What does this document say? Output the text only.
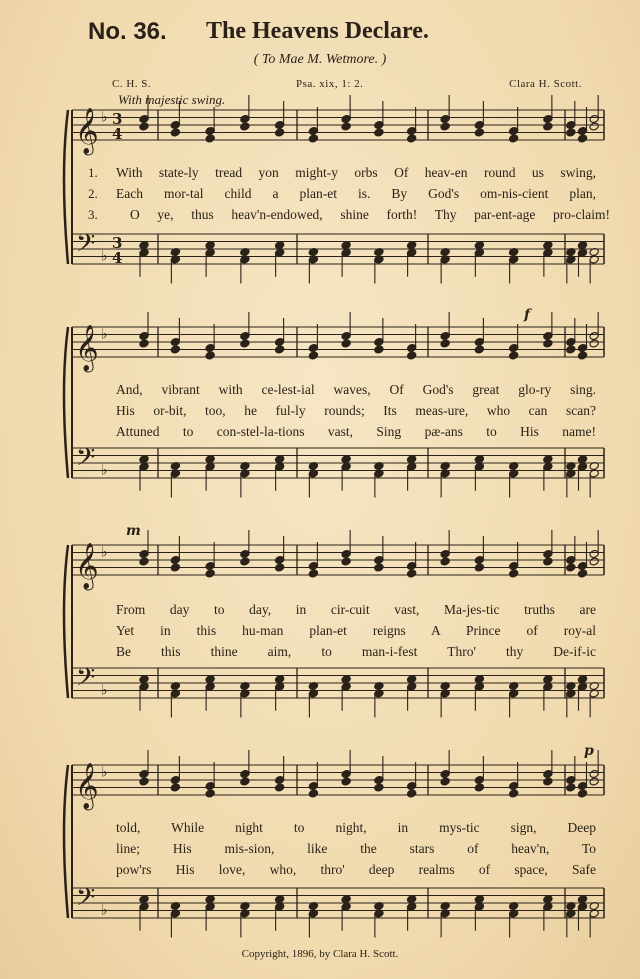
No. 36. The Heavens Declare.
( To Mae M. Wetmore. )
C. H. S.	Psa. xix, 1: 2.	Clara H. Scott.
With majestic swing.
𝄞
𝄢
♭
♭
3
4
3
4
1. With state-ly tread yon might-y orbs Of heav-en round us swing,
2. Each mor-tal child a plan-et is. By God's om-nis-cient plan,
3. O ye, thus heav'n-endowed, shine forth! Thy par-ent-age pro-claim!
𝄞
𝄢
♭
♭
f
And, vibrant with ce-lest-ial waves, Of God's great glo-ry sing.
His or-bit, too, he ful-ly rounds; Its meas-ure, who can scan?
Attuned to con-stel-la-tions vast, Sing pæ-ans to His name!
𝄞
𝄢
♭
♭
m
From day to day, in cir-cuit vast, Ma-jes-tic truths are
Yet in this hu-man plan-et reigns A Prince of roy-al
Be this thine aim, to man-i-fest Thro' thy De-if-ic
𝄞
𝄢
♭
♭
p
told, While night to night, in mys-tic sign, Deep
line; His mis-sion, like the stars of heav'n, To
pow'rs His love, who, thro' deep realms of space, Safe
Copyright, 1896, by Clara H. Scott.
